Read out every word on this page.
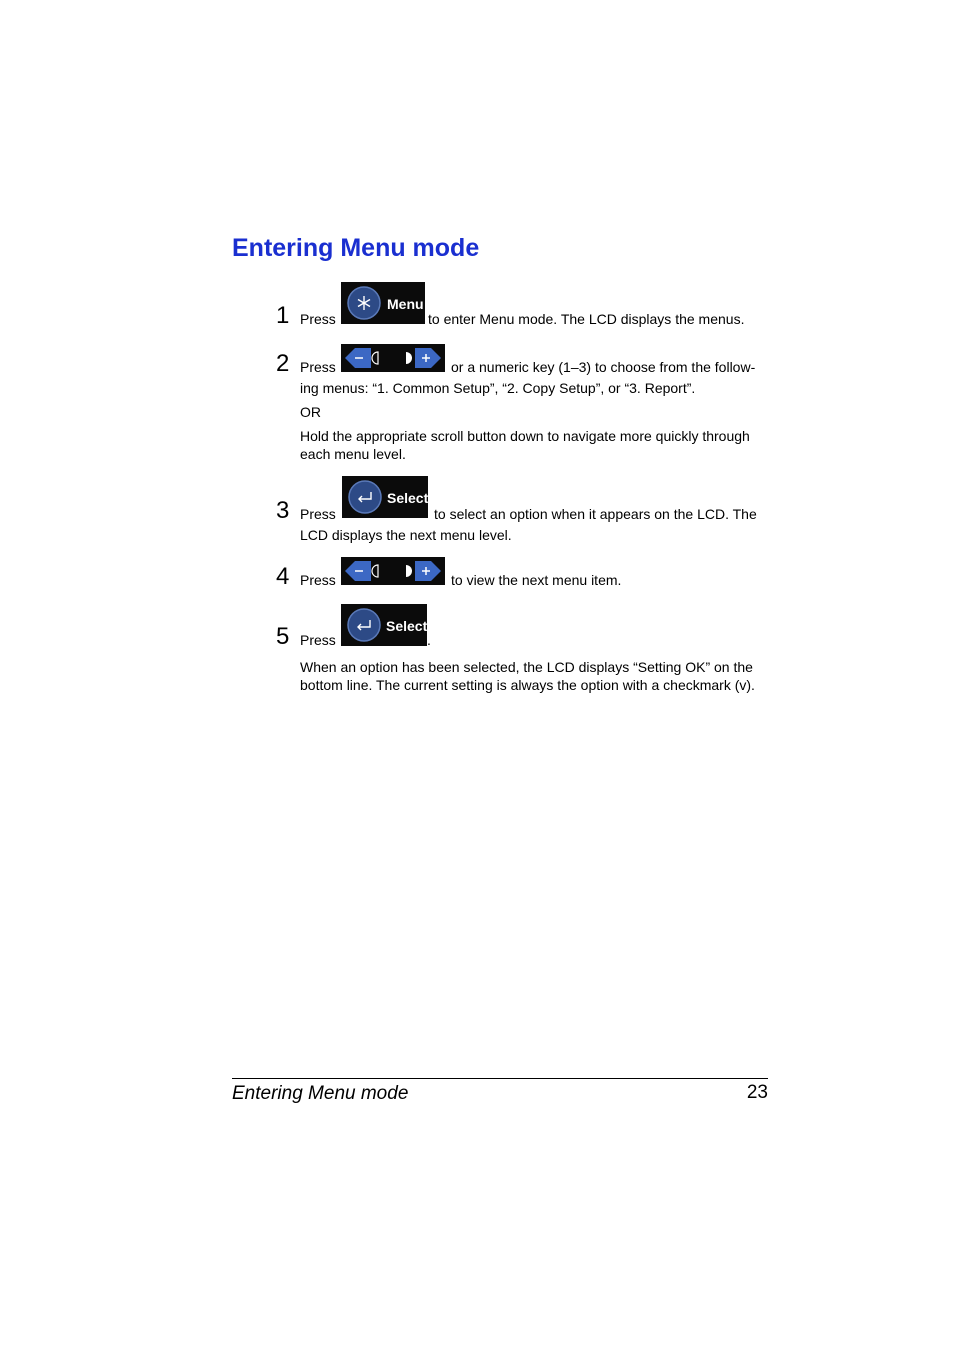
Entering Menu mode
1 Press
Menu
to enter Menu mode. The LCD displays the menus.
2 Press	or a numeric key (1–3) to choose from the follow-
ing menus: “1. Common Setup”, “2. Copy Setup”, or “3. Report”.
OR
Hold the appropriate scroll button down to navigate more quickly through
each menu level.
3 Press
Select
to select an option when it appears on the LCD. The
LCD displays the next menu level.
4 Press	to view the next menu item.
5 Press
Select
.
When an option has been selected, the LCD displays “Setting OK” on the
bottom line. The current setting is always the option with a checkmark (v).
Entering Menu mode	23
